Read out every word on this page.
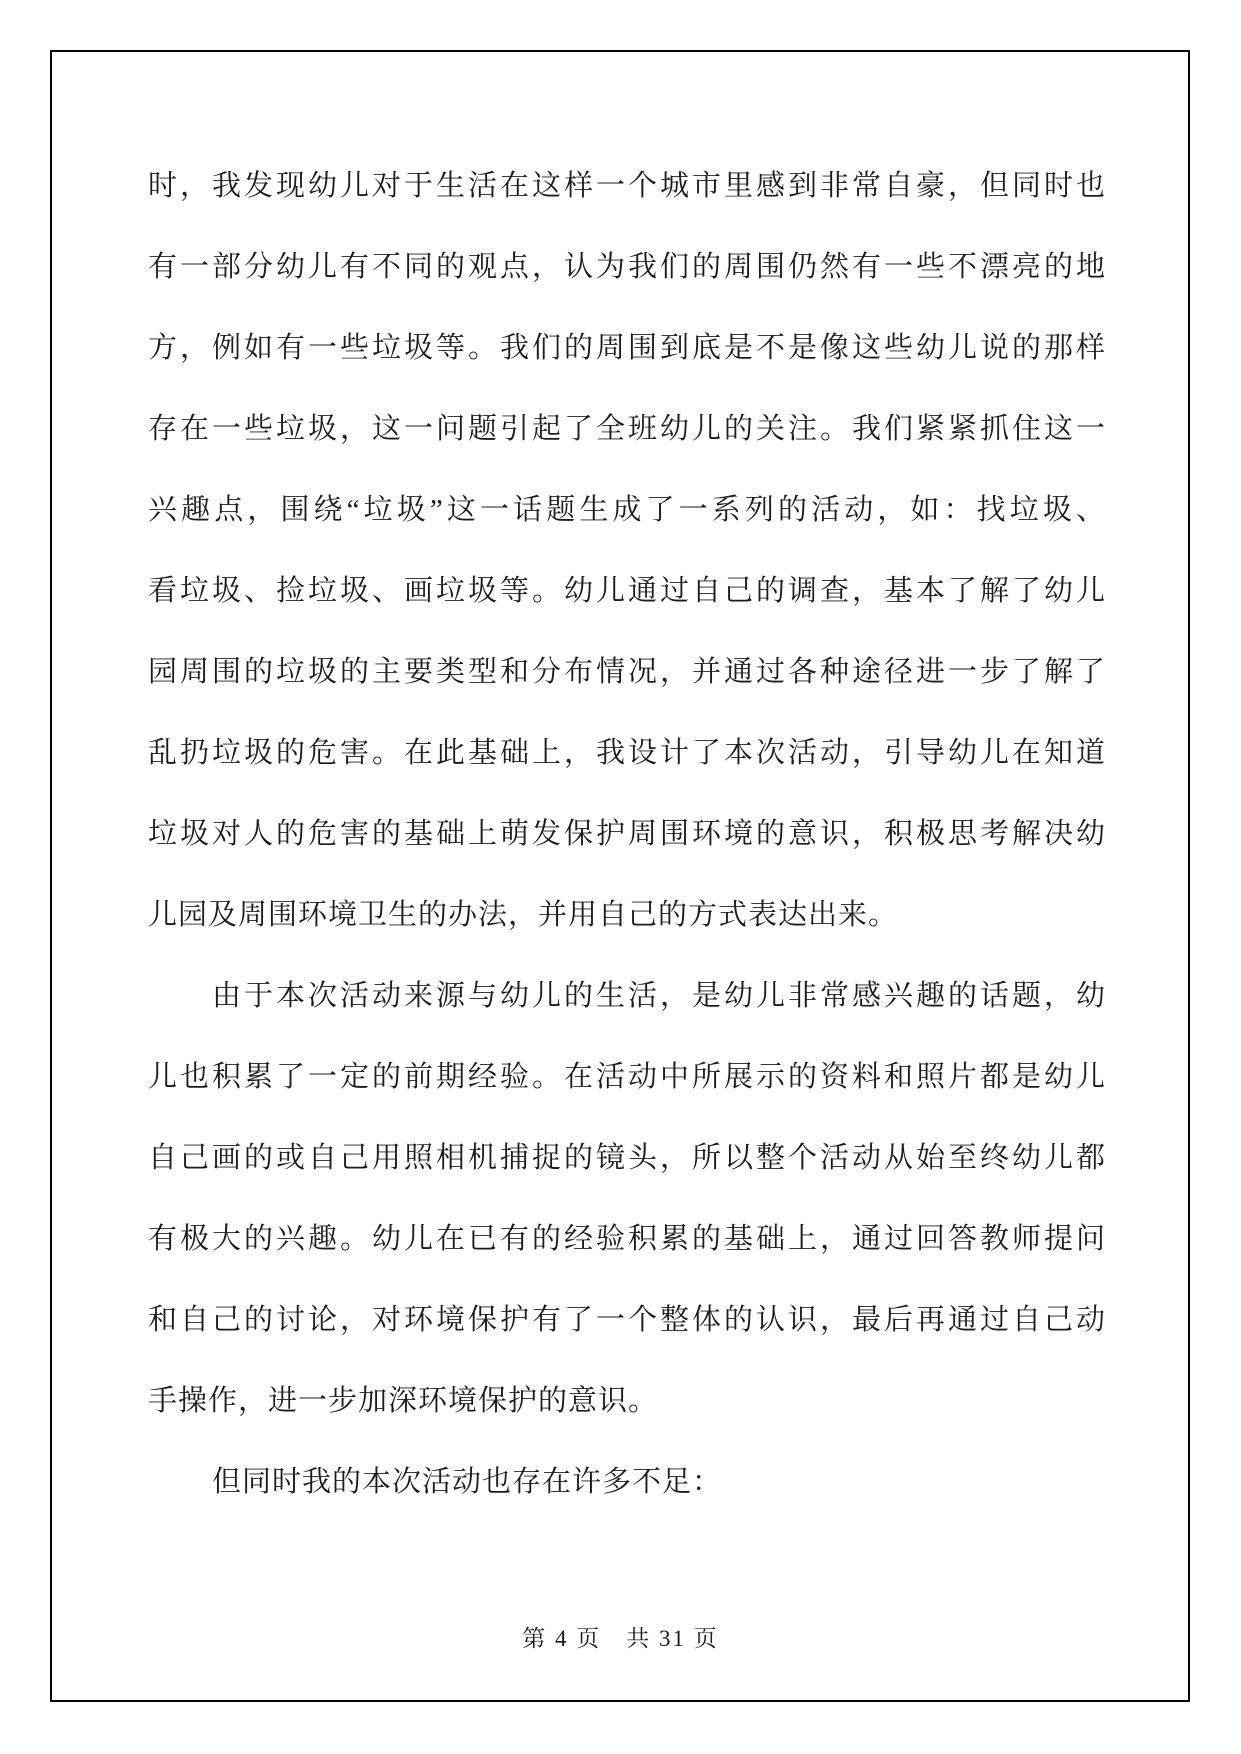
时，我发现幼儿对于生活在这样一个城市里感到非常自豪，但同时也
有一部分幼儿有不同的观点，认为我们的周围仍然有一些不漂亮的地
方，例如有一些垃圾等。我们的周围到底是不是像这些幼儿说的那样
存在一些垃圾，这一问题引起了全班幼儿的关注。我们紧紧抓住这一
兴趣点，围绕“垃圾”这一话题生成了一系列的活动，如：找垃圾、
看垃圾、捡垃圾、画垃圾等。幼儿通过自己的调查，基本了解了幼儿
园周围的垃圾的主要类型和分布情况，并通过各种途径进一步了解了
乱扔垃圾的危害。在此基础上，我设计了本次活动，引导幼儿在知道
垃圾对人的危害的基础上萌发保护周围环境的意识，积极思考解决幼
儿园及周围环境卫生的办法，并用自己的方式表达出来。
由于本次活动来源与幼儿的生活，是幼儿非常感兴趣的话题，幼
儿也积累了一定的前期经验。在活动中所展示的资料和照片都是幼儿
自己画的或自己用照相机捕捉的镜头，所以整个活动从始至终幼儿都
有极大的兴趣。幼儿在已有的经验积累的基础上，通过回答教师提问
和自己的讨论，对环境保护有了一个整体的认识，最后再通过自己动
手操作，进一步加深环境保护的意识。
但同时我的本次活动也存在许多不足：
第 4 页　共 31 页
